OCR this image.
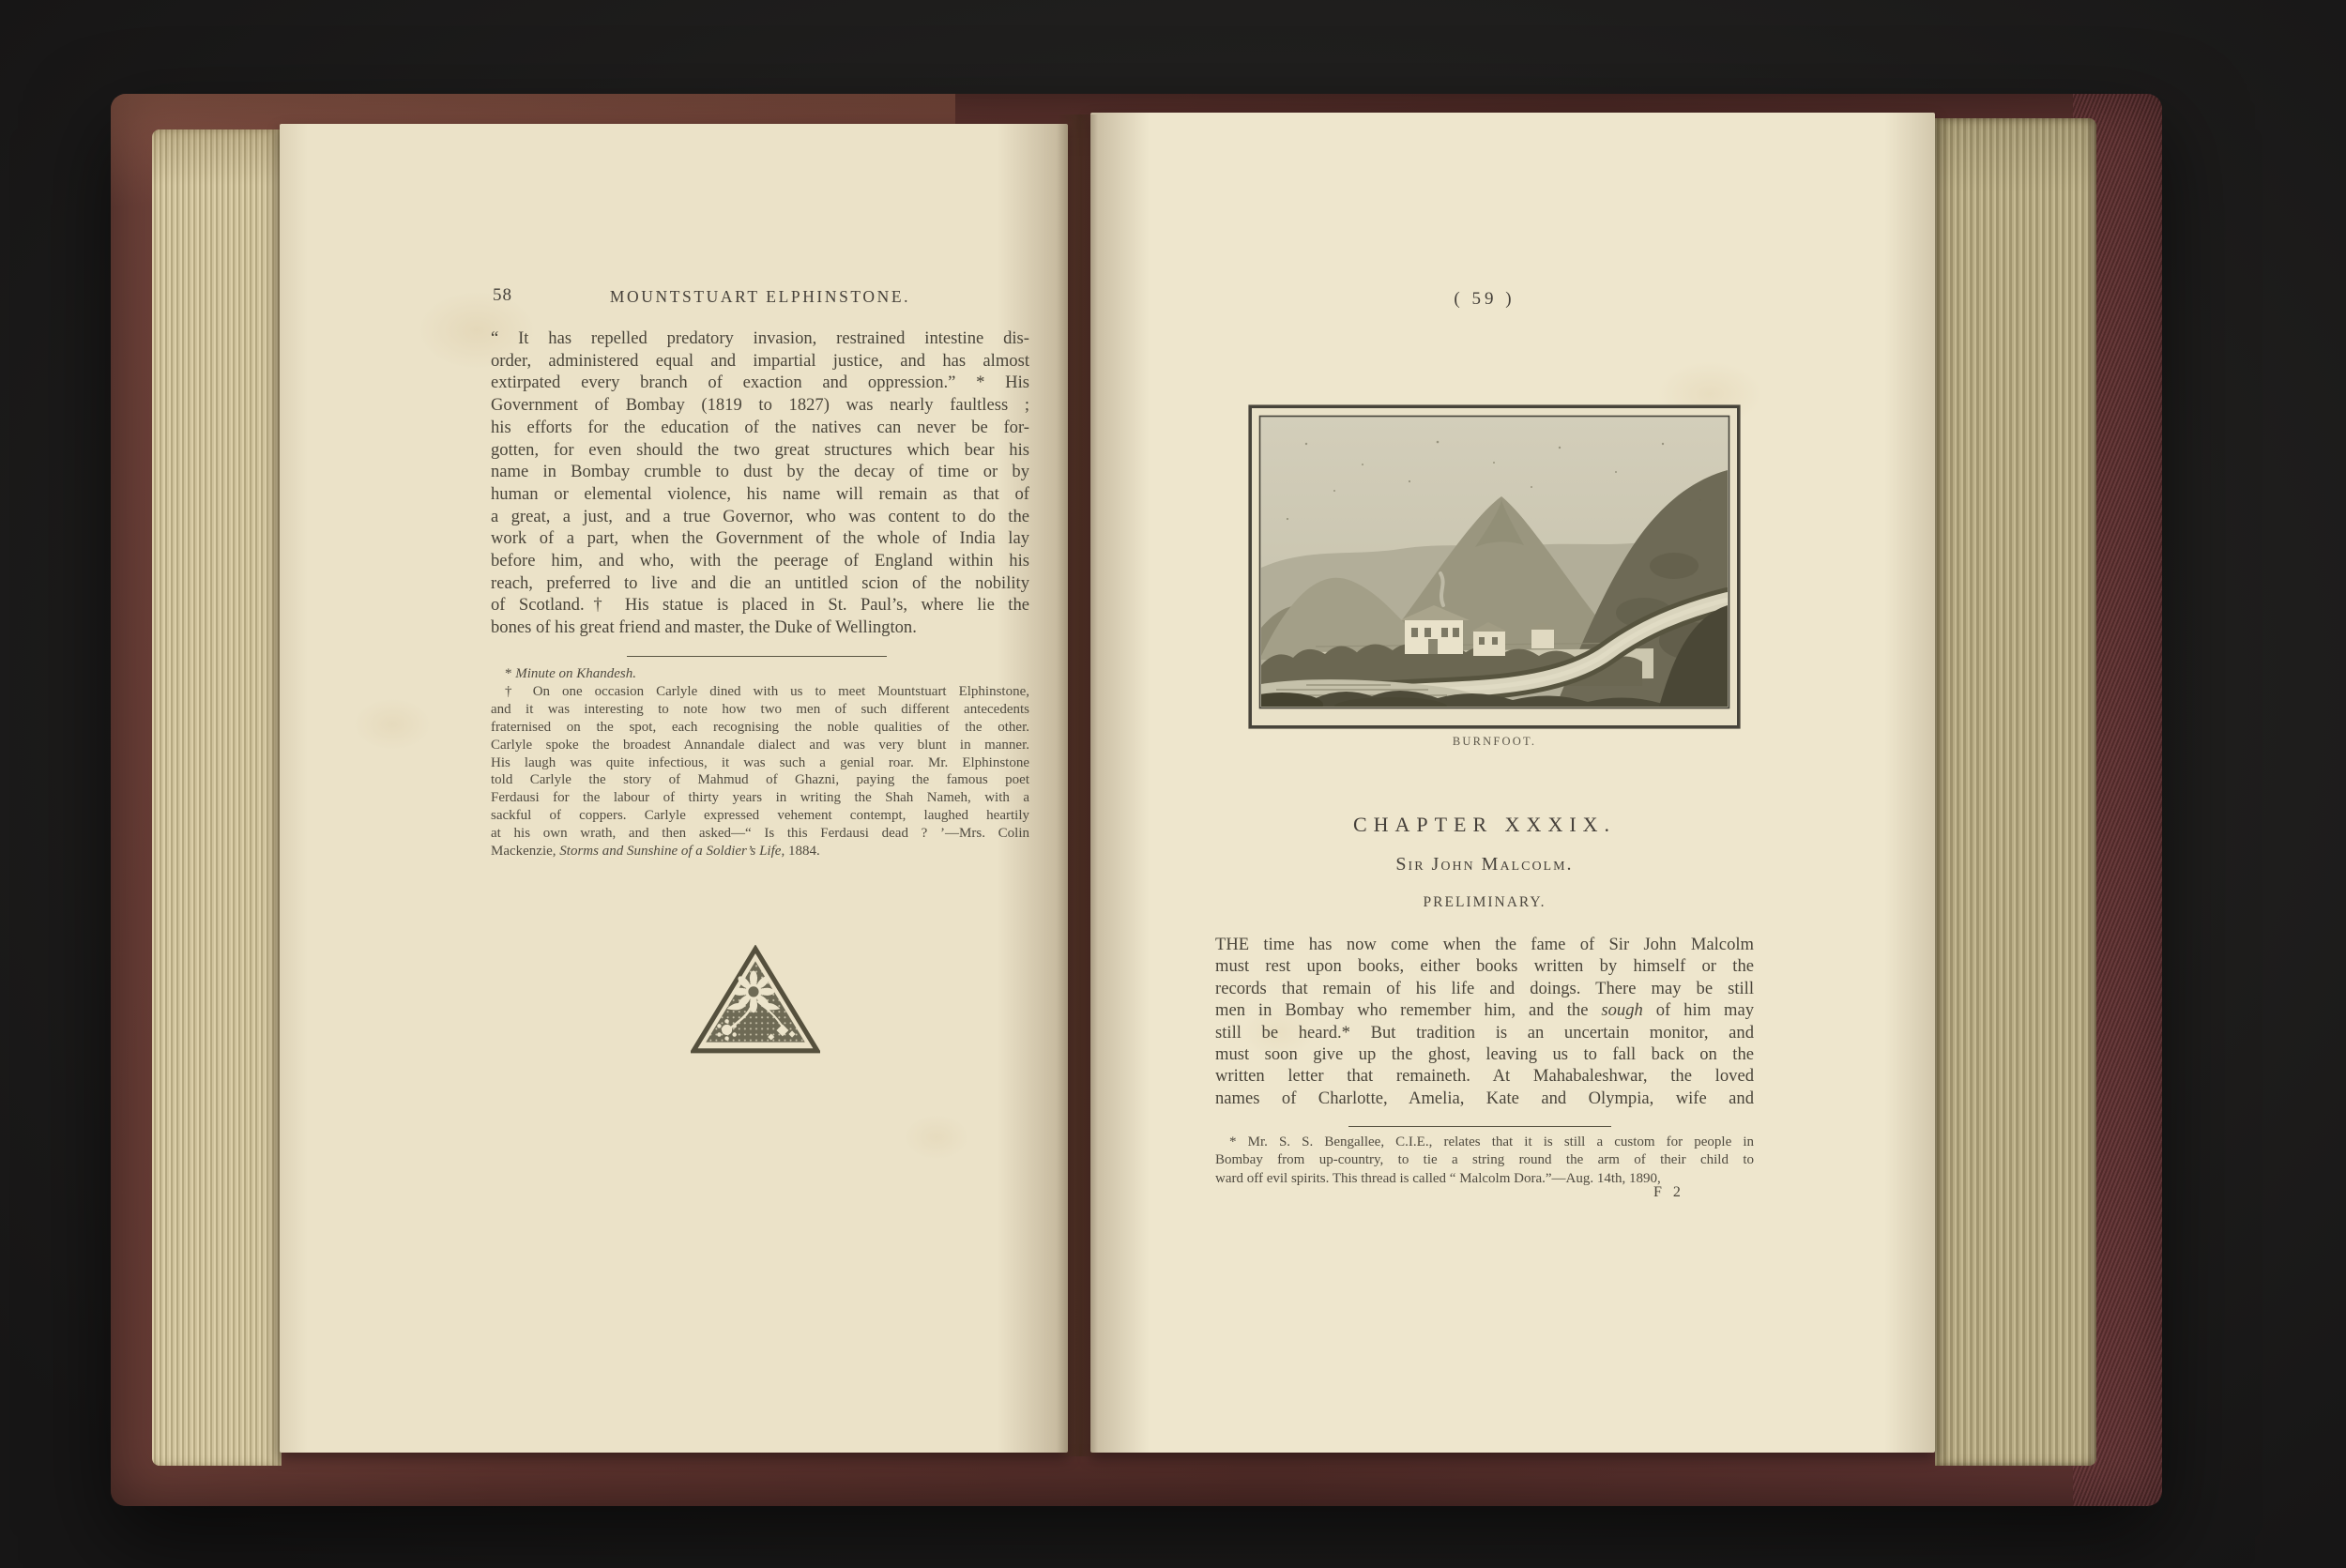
58	MOUNTSTUART ELPHINSTONE.
“ It has repelled predatory invasion, restrained intestine dis-
order, administered equal and impartial justice, and has almost
extirpated every branch of exaction and oppression.” * His
Government of Bombay (1819 to 1827) was nearly faultless ;
his efforts for the education of the natives can never be for-
gotten, for even should the two great structures which bear his
name in Bombay crumble to dust by the decay of time or by
human or elemental violence, his name will remain as that of
a great, a just, and a true Governor, who was content to do the
work of a part, when the Government of the whole of India lay
before him, and who, with the peerage of England within his
reach, preferred to live and die an untitled scion of the nobility
of Scotland.† His statue is placed in St. Paul’s, where lie the
bones of his great friend and master, the Duke of Wellington.
* Minute on Khandesh.
† On one occasion Carlyle dined with us to meet Mountstuart Elphinstone,
and it was interesting to note how two men of such different antecedents
fraternised on the spot, each recognising the noble qualities of the other.
Carlyle spoke the broadest Annandale dialect and was very blunt in manner.
His laugh was quite infectious, it was such a genial roar. Mr. Elphinstone
told Carlyle the story of Mahmud of Ghazni, paying the famous poet
Ferdausi for the labour of thirty years in writing the Shah Nameh, with a
sackful of coppers. Carlyle expressed vehement contempt, laughed heartily
at his own wrath, and then asked—“ Is this Ferdausi dead ? ’—Mrs. Colin
Mackenzie, Storms and Sunshine of a Soldier’s Life, 1884.
( 59 )
BURNFOOT.
CHAPTER XXXIX.
Sir John Malcolm.
PRELIMINARY.
THE time has now come when the fame of Sir John Malcolm
must rest upon books, either books written by himself or the
records that remain of his life and doings. There may be still
men in Bombay who remember him, and the sough of him may
still be heard.* But tradition is an uncertain monitor, and
must soon give up the ghost, leaving us to fall back on the
written letter that remaineth. At Mahabaleshwar, the loved
names of Charlotte, Amelia, Kate and Olympia, wife and
* Mr. S. S. Bengallee, C.I.E., relates that it is still a custom for people in
Bombay from up-country, to tie a string round the arm of their child to
ward off evil spirits. This thread is called “ Malcolm Dora.”—Aug. 14th, 1890,
F 2
